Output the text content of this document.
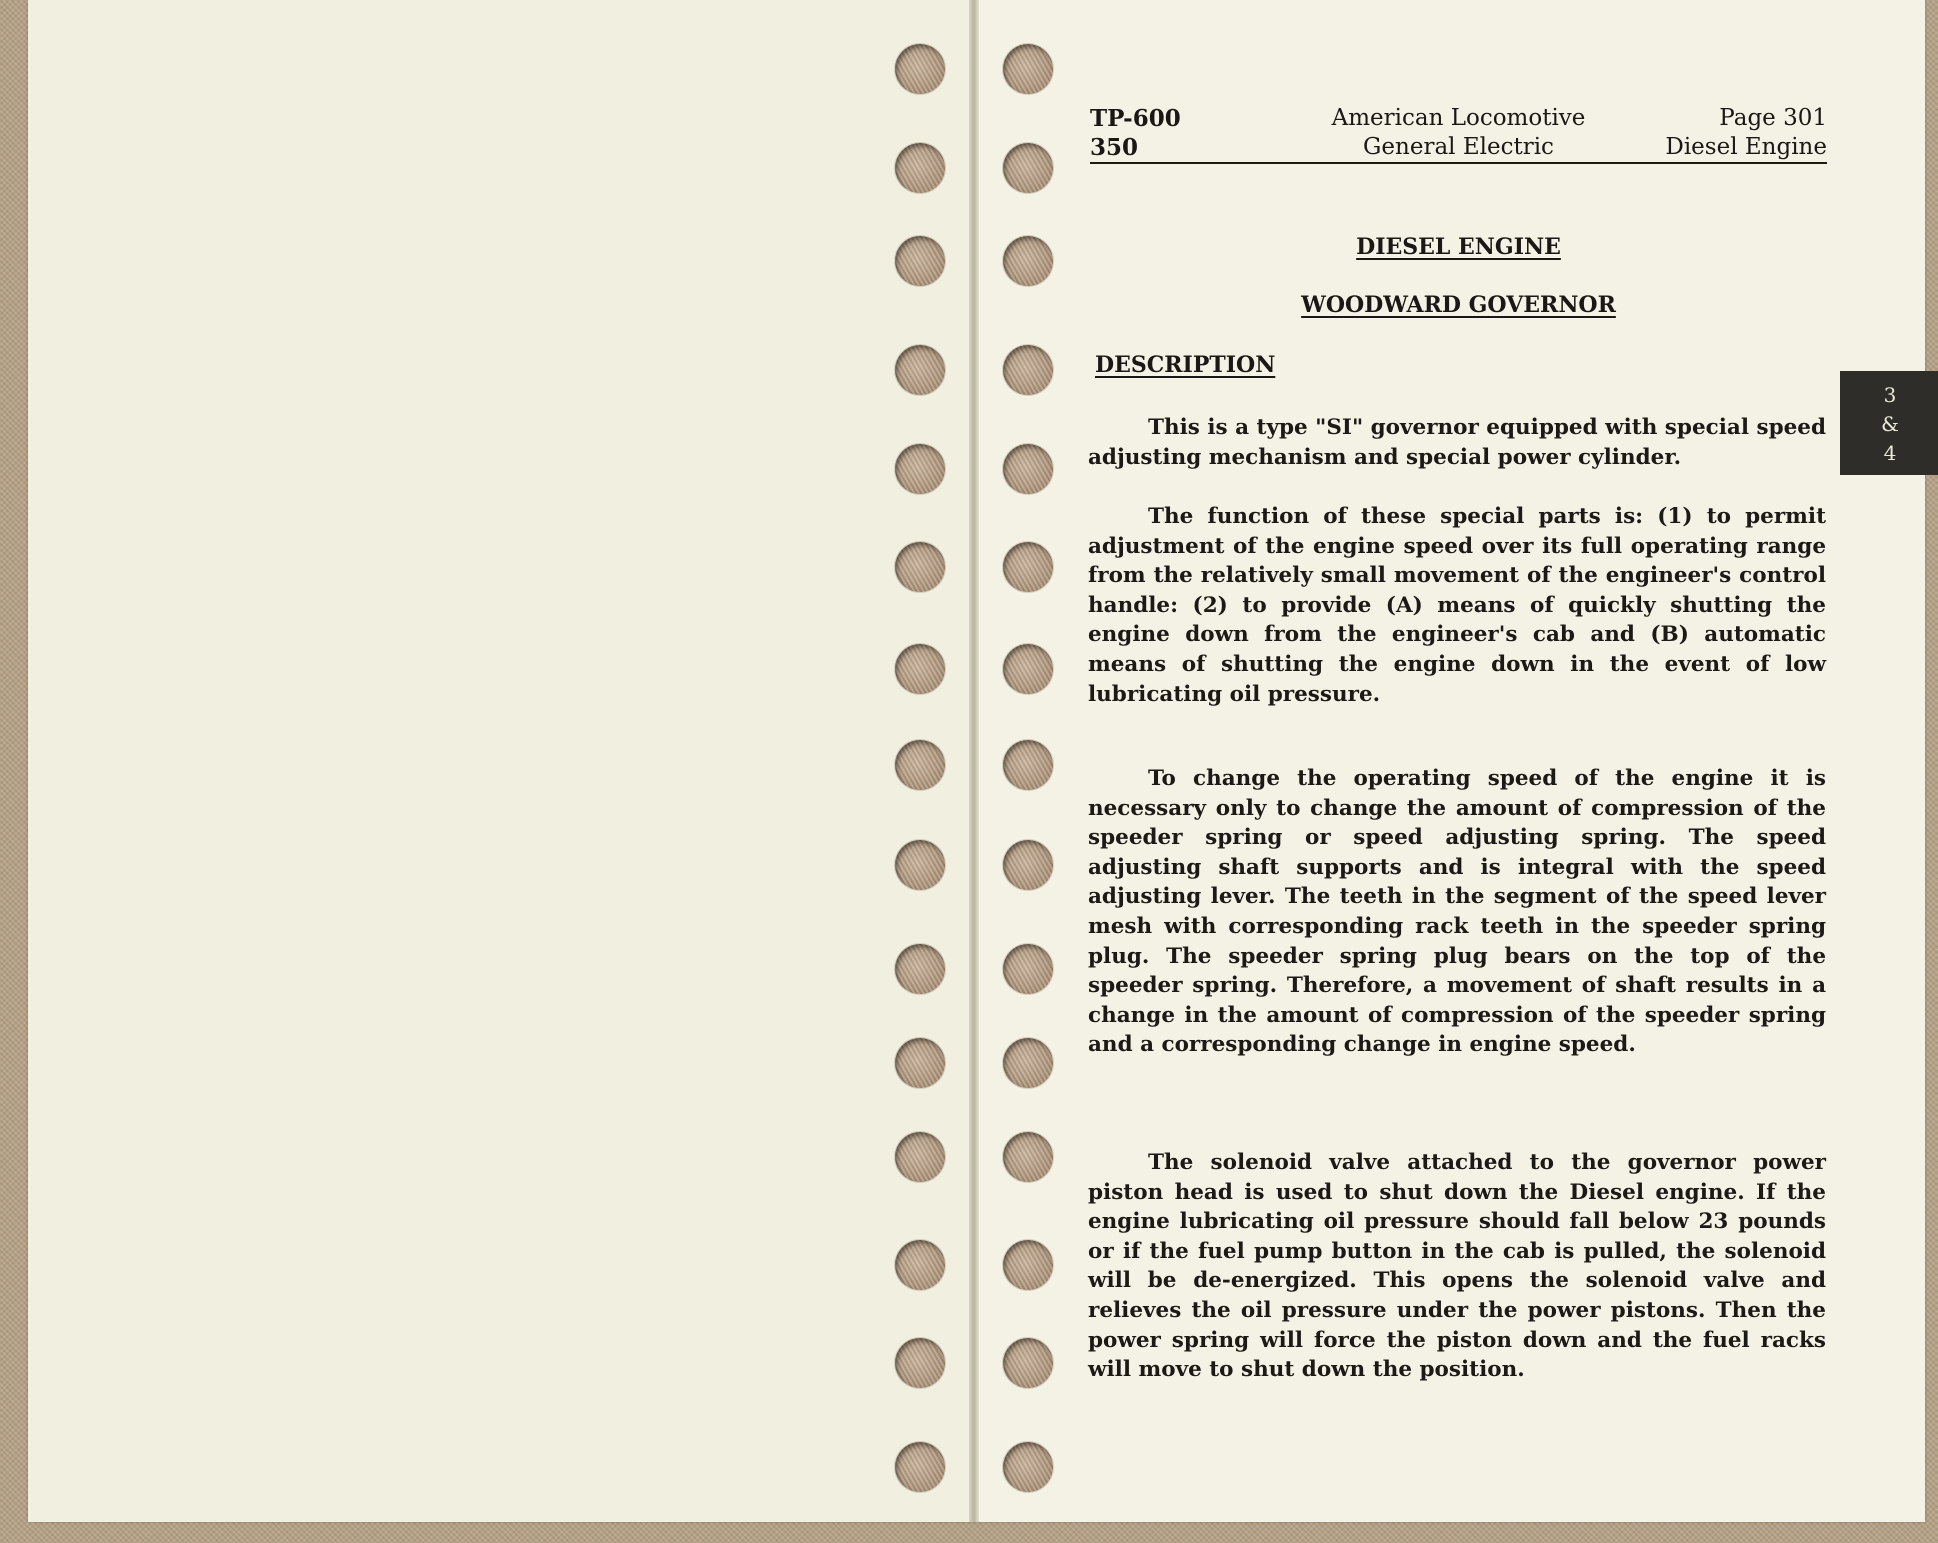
TP-600
350
American Locomotive
General Electric
Page 301
Diesel Engine
DIESEL ENGINE
WOODWARD GOVERNOR
DESCRIPTION

This is a type "SI" governor equipped with special speed adjusting mechanism and special power cylinder.

The function of these special parts is: (1) to permit adjustment of the engine speed over its full operating range from the relatively small movement of the engineer's control handle: (2) to provide (A) means of quickly shutting the engine down from the engineer's cab and (B) automatic means of shutting the engine down in the event of low lubricating oil pressure.

To change the operating speed of the engine it is necessary only to change the amount of compression of the speeder spring or speed adjusting spring. The speed adjusting shaft supports and is integral with the speed adjusting lever. The teeth in the segment of the speed lever mesh with corresponding rack teeth in the speeder spring plug. The speeder spring plug bears on the top of the speeder spring. Therefore, a movement of shaft results in a change in the amount of compression of the speeder spring and a corresponding change in engine speed.

The solenoid valve attached to the governor power piston head is used to shut down the Diesel engine. If the engine lubricating oil pressure should fall below 23 pounds or if the fuel pump button in the cab is pulled, the solenoid will be de-energized. This opens the solenoid valve and relieves the oil pressure under the power pistons. Then the power spring will force the piston down and the fuel racks will move to shut down the position.

3
&
4
